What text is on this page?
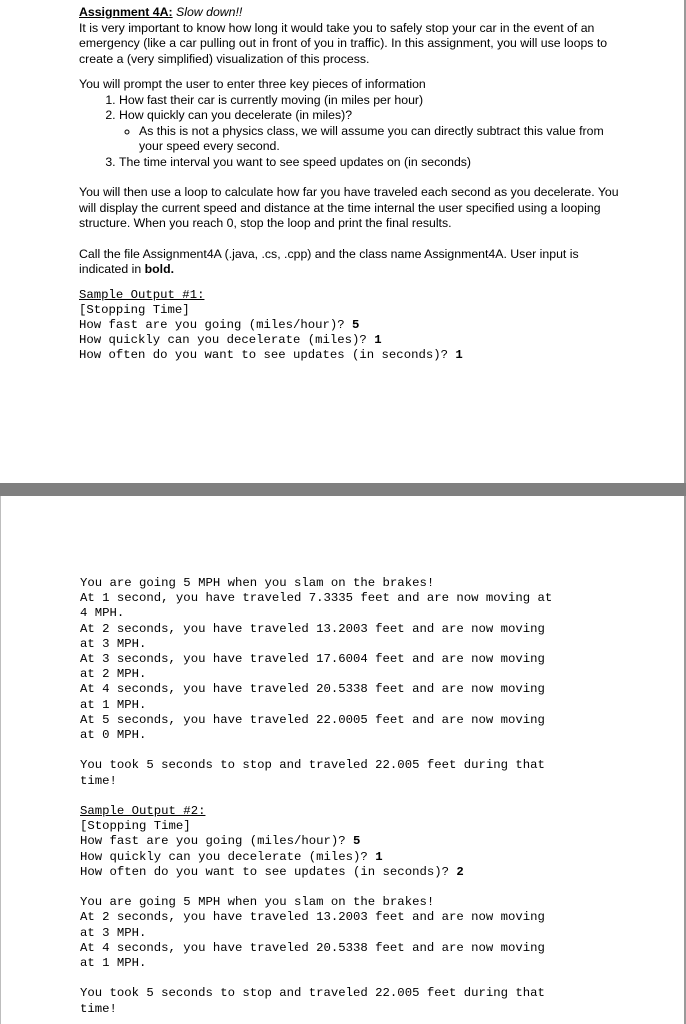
Assignment 4A: Slow down!!

It is very important to know how long it would take you to safely stop your car in the event of an emergency (like a car pulling out in front of you in traffic). In this assignment, you will use loops to create a (very simplified) visualization of this process.

You will prompt the user to enter three key pieces of information

1. How fast their car is currently moving (in miles per hour)
2. How quickly can you decelerate (in miles)?
◦ As this is not a physics class, we will assume you can directly subtract this value from your speed every second.
3. The time interval you want to see speed updates on (in seconds)

You will then use a loop to calculate how far you have traveled each second as you decelerate. You will display the current speed and distance at the time internal the user specified using a looping structure. When you reach 0, stop the loop and print the final results.

Call the file Assignment4A (.java, .cs, .cpp) and the class name Assignment4A. User input is indicated in bold.

Sample Output #1:
[Stopping Time]
How fast are you going (miles/hour)? 5
How quickly can you decelerate (miles)? 1
How often do you want to see updates (in seconds)? 1
You are going 5 MPH when you slam on the brakes!
At 1 second, you have traveled 7.3335 feet and are now moving at
4 MPH.
At 2 seconds, you have traveled 13.2003 feet and are now moving
at 3 MPH.
At 3 seconds, you have traveled 17.6004 feet and are now moving
at 2 MPH.
At 4 seconds, you have traveled 20.5338 feet and are now moving
at 1 MPH.
At 5 seconds, you have traveled 22.0005 feet and are now moving
at 0 MPH.
You took 5 seconds to stop and traveled 22.005 feet during that
time!
Sample Output #2:
[Stopping Time]
How fast are you going (miles/hour)? 5
How quickly can you decelerate (miles)? 1
How often do you want to see updates (in seconds)? 2
You are going 5 MPH when you slam on the brakes!
At 2 seconds, you have traveled 13.2003 feet and are now moving
at 3 MPH.
At 4 seconds, you have traveled 20.5338 feet and are now moving
at 1 MPH.
You took 5 seconds to stop and traveled 22.005 feet during that
time!
